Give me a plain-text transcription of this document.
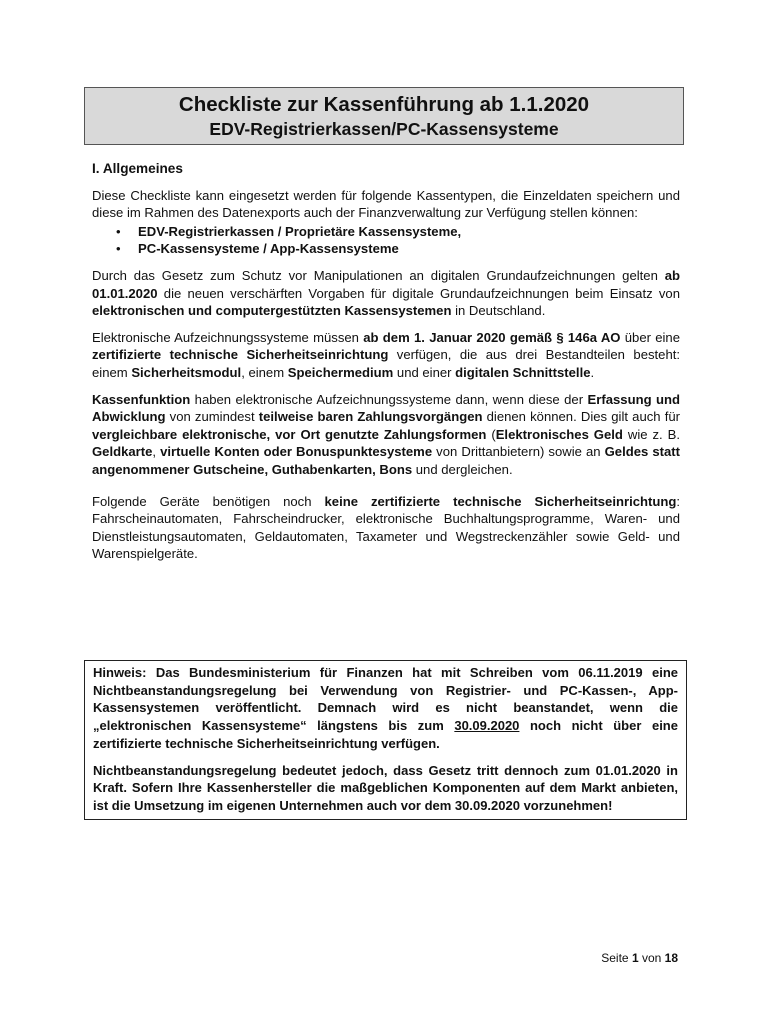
Checkliste zur Kassenführung ab 1.1.2020
EDV-Registrierkassen/PC-Kassensysteme
I. Allgemeines

Diese Checkliste kann eingesetzt werden für folgende Kassentypen, die Einzeldaten speichern und diese im Rahmen des Datenexports auch der Finanzverwaltung zur Verfügung stellen können:

• EDV-Registrierkassen / Proprietäre Kassensysteme,
• PC-Kassensysteme / App-Kassensysteme

Durch das Gesetz zum Schutz vor Manipulationen an digitalen Grundaufzeichnungen gelten ab 01.01.2020 die neuen verschärften Vorgaben für digitale Grundaufzeichnungen beim Einsatz von elektronischen und computergestützten Kassensystemen in Deutschland.

Elektronische Aufzeichnungssysteme müssen ab dem 1. Januar 2020 gemäß § 146a AO über eine zertifizierte technische Sicherheitseinrichtung verfügen, die aus drei Bestandteilen besteht: einem Sicherheitsmodul, einem Speichermedium und einer digitalen Schnittstelle.

Kassenfunktion haben elektronische Aufzeichnungssysteme dann, wenn diese der Erfassung und Abwicklung von zumindest teilweise baren Zahlungsvorgängen dienen können. Dies gilt auch für vergleichbare elektronische, vor Ort genutzte Zahlungsformen (Elektronisches Geld wie z. B. Geldkarte, virtuelle Konten oder Bonuspunktesysteme von Drittanbietern) sowie an Geldes statt angenommener Gutscheine, Guthabenkarten, Bons und dergleichen.

Folgende Geräte benötigen noch keine zertifizierte technische Sicherheitseinrichtung: Fahrscheinautomaten, Fahrscheindrucker, elektronische Buchhaltungsprogramme, Waren- und Dienstleistungsautomaten, Geldautomaten, Taxameter und Wegstreckenzähler sowie Geld- und Warenspielgeräte.

Hinweis: Das Bundesministerium für Finanzen hat mit Schreiben vom 06.11.2019 eine Nichtbeanstandungsregelung bei Verwendung von Registrier- und PC-Kassen-, App-Kassensystemen veröffentlicht. Demnach wird es nicht beanstandet, wenn die „elektronischen Kassensysteme“ längstens bis zum 30.09.2020 noch nicht über eine zertifizierte technische Sicherheitseinrichtung verfügen.

Nichtbeanstandungsregelung bedeutet jedoch, dass Gesetz tritt dennoch zum 01.01.2020 in Kraft. Sofern Ihre Kassenhersteller die maßgeblichen Komponenten auf dem Markt anbieten, ist die Umsetzung im eigenen Unternehmen auch vor dem 30.09.2020 vorzunehmen!

Seite 1 von 18
